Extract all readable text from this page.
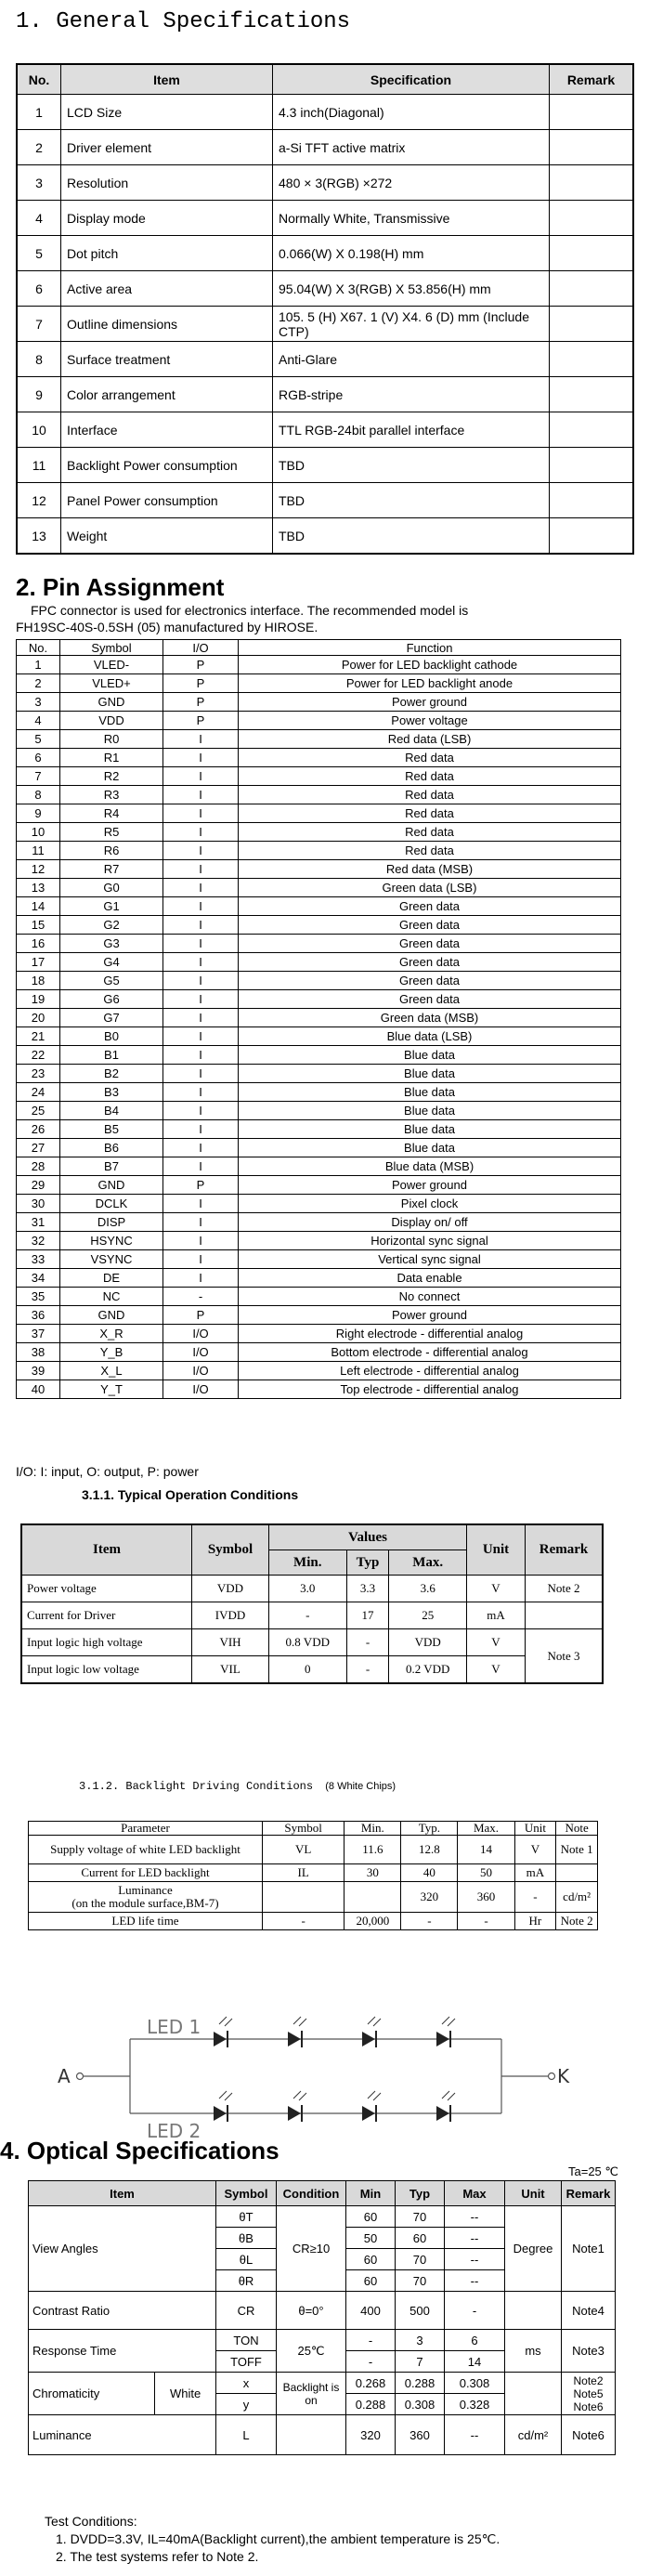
1. General Specifications
No.	Item	Specification	Remark
1	LCD Size	4.3 inch(Diagonal)	
2	Driver element	a-Si TFT active matrix	
3	Resolution	480 × 3(RGB) ×272	
4	Display mode	Normally White, Transmissive	
5	Dot pitch	0.066(W) X 0.198(H) mm	
6	Active area	95.04(W) X 3(RGB) X 53.856(H) mm	
7	Outline dimensions	105. 5 (H) X67. 1 (V) X4. 6 (D) mm (Include CTP)	
8	Surface treatment	Anti-Glare	
9	Color arrangement	RGB-stripe	
10	Interface	TTL RGB-24bit parallel interface	
11	Backlight Power consumption	TBD	
12	Panel Power consumption	TBD	
13	Weight	TBD	
2. Pin Assignment
FPC connector is used for electronics interface. The recommended model is
FH19SC-40S-0.5SH (05) manufactured by HIROSE.
No.	Symbol	I/O	Function
1	VLED-	P	Power for LED backlight cathode
2	VLED+	P	Power for LED backlight anode
3	GND	P	Power ground
4	VDD	P	Power voltage
5	R0	I	Red data (LSB)
6	R1	I	Red data
7	R2	I	Red data
8	R3	I	Red data
9	R4	I	Red data
10	R5	I	Red data
11	R6	I	Red data
12	R7	I	Red data (MSB)
13	G0	I	Green data (LSB)
14	G1	I	Green data
15	G2	I	Green data
16	G3	I	Green data
17	G4	I	Green data
18	G5	I	Green data
19	G6	I	Green data
20	G7	I	Green data (MSB)
21	B0	I	Blue data (LSB)
22	B1	I	Blue data
23	B2	I	Blue data
24	B3	I	Blue data
25	B4	I	Blue data
26	B5	I	Blue data
27	B6	I	Blue data
28	B7	I	Blue data (MSB)
29	GND	P	Power ground
30	DCLK	I	Pixel clock
31	DISP	I	Display on/ off
32	HSYNC	I	Horizontal sync signal
33	VSYNC	I	Vertical sync signal
34	DE	I	Data enable
35	NC	-	No connect
36	GND	P	Power ground
37	X_R	I/O	Right electrode - differential analog
38	Y_B	I/O	Bottom electrode - differential analog
39	X_L	I/O	Left electrode - differential analog
40	Y_T	I/O	Top electrode - differential analog
I/O: I: input, O: output, P: power
3.1.1. Typical Operation Conditions
Item	Symbol	Values			Unit	Remark
		Min.	Typ	Max.		
Power voltage	VDD	3.0	3.3	3.6	V	Note 2
Current for Driver	IVDD	-	17	25	mA	
Input logic high voltage	VIH	0.8 VDD	-	VDD	V	Note 3
Input logic low voltage	VIL	0	-	0.2 VDD	V	
3.1.2. Backlight Driving Conditions (8 White Chips)
Parameter	Symbol	Min.	Typ.	Max.	Unit	Note
Supply voltage of white LED backlight	VL	11.6	12.8	14	V	Note 1
Current for LED backlight	IL	30	40	50	mA	

Luminance
(on the module surface,BM-7)			320	360	-	cd/m²
LED life time	-	20,000	-	-	Hr	Note 2
LED 1
LED 2
A	K
4. Optical Specifications
Ta=25 ℃
Item		Symbol	Condition	Min	Typ	Max	Unit	Remark
View Angles		θT	CR≥10	60	70	--	Degree	Note1
		θB		50	60	--		
		θL		60	70	--		
		θR		60	70	--		
Contrast Ratio		CR	θ=0°	400	500	-		Note4
Response Time		TON	25℃	-	3	6	ms	Note3
		TOFF		-	7	14		
Chromaticity	White	x	Backlight is on	0.268	0.288	0.308		Note2 Note5 Note6
		y		0.288	0.308	0.328		
Luminance		L		320	360	--	cd/m²	Note6
Test Conditions:
1. DVDD=3.3V, IL=40mA(Backlight current),the ambient temperature is 25℃.
2. The test systems refer to Note 2.
